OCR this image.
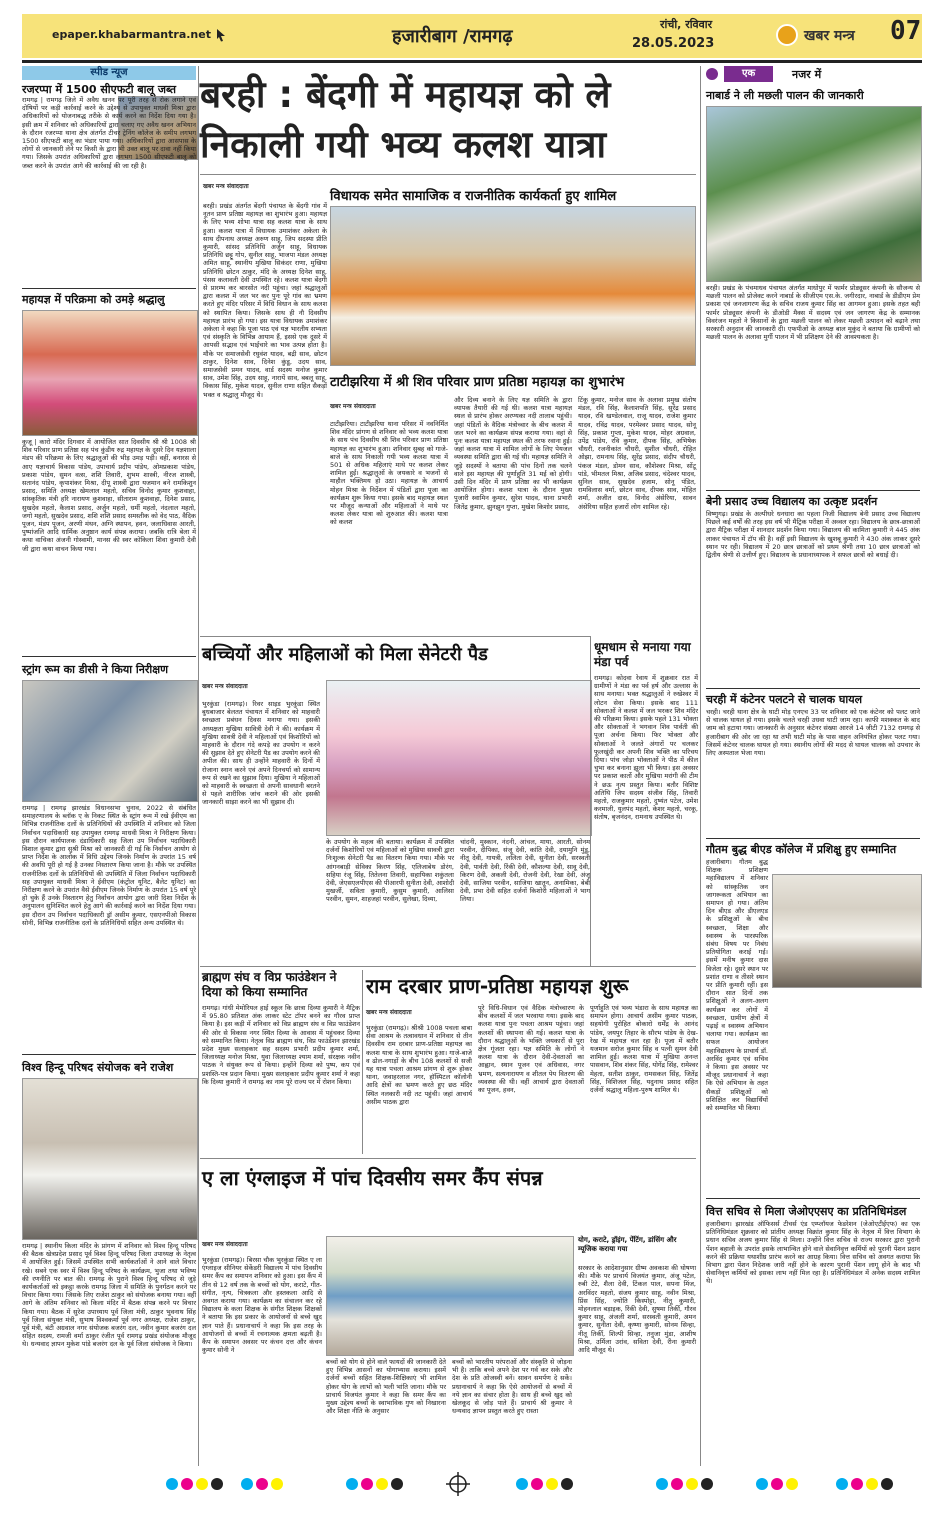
epaper.khabarmantra.net	हजारीबाग /रामगढ़
रांची, रविवार
28.05.2023	खबर मन्त्र 07
स्पीड न्यूज
रजरप्पा में 1500 सीएफटी बालू जब्त
रामगढ़ | रामगढ़ जिले में अवैध खनन पर पूरी तरह से रोक लगाने एवं दोषियों पर कड़ी कार्रवाई करने के उद्देश्य से उपायुक्त माधवी मिश्रा द्वारा अधिकारियों को योजनाबद्ध तरीके से कार्य करने का निर्देश दिया गया है। इसी क्रम में शनिवार को अधिकारियों द्वारा चलाए गए अवैध खनन अभियान के दौरान रजरप्पा थाना क्षेत्र अंतर्गत टीचर ट्रेनिंग कॉलेज के समीप लगभग 1500 सीएफटी बालू का भंडार पाया गया। अधिकारियों द्वारा आसपास के लोगों से जानकारी लेने पर किसी के द्वारा भी उक्त बालू पर दावा नहीं किया गया। जिसके उपरांत अधिकारियों द्वारा लगभग 1500 सीएफटी बालू को जब्त करने के उपरांत आगे की कार्रवाई की जा रही है।
महायज्ञ में परिक्रमा को उमड़े श्रद्धालु
कुजू | कारो मंदिर दिगवार में आयोजित सात दिवसीय श्री श्री 1008 श्री शिव परिवार प्राण प्रतिष्ठा सह पंच कुंडीय रुद्र महायज्ञ के दूसरे दिन यज्ञशाला मंडप की परिक्रमा के लिए श्रद्धालुओं की भीड़ उमड़ पड़ी। वहीं, बनारस से आए यज्ञाचार्य विकास पांडेय, उपाचार्य प्रदीप पांडेय, ओमप्रकाश पांडेय, प्रकाश पांडेय, सुमन वत्स, शशि तिवारी, शुभम शास्त्री, नीरज शास्त्री, सतानंद पांडेय, कृपाशंकर मिश्रा, दीपू शास्त्री द्वारा यजमान बने रामकिशुन प्रसाद, समिति अध्यक्ष खेमलाल महतो, सचिव विनोद कुमार कुशवाहा, सांस्कृतिक मंत्री हरि नारायण कुशवाहा, सीताराम कुशवाहा, दिनेश प्रसाद, सुखदेव महतो, कैलाश प्रसाद, अर्जुन महतो, धर्मी महतो, नंदलाल महतो, जगो महतो, सुखदेव प्रसाद, शशि शशि प्रसाद समस्तीक को वेद पाठ, वैदिक पूजन, मंडप पूजन, अरणी मंथन, अग्नि स्थापन, हवन, जलाधिवास आरती, पुष्पांजलि आदि धार्मिक अनुष्ठान कार्य संपन्न कराया। जबकि रात्रि बेला में कथा वाचिका अंजनी गोस्वामी, मानस की स्वर कोकिला शिवा कुमारी देवी जी द्वारा कथा वाचन किया गया।
स्ट्रांग रूम का डीसी ने किया निरीक्षण
रामगढ़ | रामगढ़ झारखंड विधानसभा चुनाव, 2022 से संबंधित समाहरणालय के ब्लॉक ए के निकट स्थित के स्ट्रांग रूम में रखे ईवीएम का विभिन्न राजनीतिक दलों के प्रतिनिधियों की उपस्थिति में शनिवार को जिला निर्वाचन पदाधिकारी सह उपायुक्त रामगढ़ माधवी मिश्रा ने निरीक्षण किया। इस दौरान कार्यपालक दंडाधिकारी सह जिला उप निर्वाचन पदाधिकारी विशाल कुमार द्वारा सुश्री मिश्रा को जानकारी दी गई कि निर्वाचन आयोग से प्राप्त निर्देश के आलोक में विधि उद्देश्य जिनके निर्माण के उपरांत 15 वर्ष की अवधि पूरी हो गई है उनका निस्तारण किया जाना है। मौके पर उपस्थित राजनीतिक दलों के प्रतिनिधियों की उपस्थिति में जिला निर्वाचन पदाधिकारी सह उपायुक्त माधवी मिश्रा ने ईवीएम (कंट्रोल यूनिट, बैलेट यूनिट) का निरीक्षण करने के उपरांत वैसे ईवीएम जिनके निर्माण के उपरांत 15 वर्ष पूरे हो चुके हैं उनके निस्तारण हेतु निर्वाचन आयोग द्वारा जारी दिशा निर्देश के अनुपालन सुनिश्चित करने हेतु आगे की कार्रवाई करने का निर्देश दिया गया। इस दौरान उप निर्वाचन पदाधिकारी ड्रॉ असीम कुमार, एसएनपीओ विकास सोनी, विभिन्न राजनीतिक दलों के प्रतिनिधियों सहित अन्य उपस्थित थे।
विश्व हिन्दू परिषद संयोजक बने राजेश
रामगढ़ | स्थानीय किला मंदिर के प्रांगण में शनिवार को विश्व हिन्दू परिषद की बैठक खेत्रप्रदेश प्रसाद पूर्व विश्व हिन्दू परिषद जिला उपाध्यक्ष के नेतृत्व में आयोजित हुई। जिसमें उपस्थित सभी कार्यकर्ताओं ने आने वाले विचार रखे। सबने एक स्वर में विश्व हिन्दू परिषद के कार्यक्रम, भुजा तथा भविष्य की रणनीति पर बात की। रामगढ़ के पुराने विश्व हिन्दू परिषद से जुड़े कार्यकर्ताओं को इकट्ठा करके रामगढ़ जिला में समिति के पुनर्गठन करने पर विचार किया गया। जिसके लिए राजेश ठाकुर को संयोजक बनाया गया। वहीं आगे के अंतिम शनिवार को किला मंदिर में बैठक संपन्न करने पर विचार किया गया। बैठक में सुरेश उपाध्याय पूर्व जिला मंत्री, ठाकुर भुवनाथ सिंह पूर्व जिला संयुक्त मंत्री, सुभाष विश्वकर्मा पूर्व नगर अध्यक्ष, राजेश ठाकुर, पूर्व मंत्री, बंटी अग्रवाल नगर संयोजक बजरंग दल, नवीन कुमार बजरंग दल सहित सदस्य, रामजी वर्मा ठाकुर रंजीत पूर्व रामगढ़ प्रखंड संयोजक मौजूद थे। धन्यवाद ज्ञापन मुकेश पांडे बजरंग दल के पूर्व जिला संयोजक ने किया।
बरही : बेंदगी में महायज्ञ को ले
निकाली गयी भव्य कलश यात्रा
खबर मन्त्र संवाददाता
बरही। प्रखंड अंतर्गत बेंदगी पंचायत के बेंदगी गांव में नूतन प्राण प्रतिष्ठा महायज्ञ का शुभारंभ हुआ। महायज्ञ के लिए भव्य शोभा यात्रा सह कलश यात्रा के साथ हुआ। कलश यात्रा में विधायक उमाशंकर अकेला के साथ दीपनाथ अध्यक्ष अरुण साहू, जिप सदस्या प्रीति कुमारी, सांसद प्रतिनिधि अर्जुन साहू, विधायक प्रतिनिधि छट्टू गोप, सुनील साहू, भाजपा मंडल अध्यक्ष अमित साहू, स्थानीय मुखिया सिकंदर राणा, मुखिया प्रतिनिधि छोटन ठाकुर, मंदि के अध्यक्ष दिनेश साहू, पंसस कलावती देवी उपस्थित रहे। कलश यात्रा बेंदगी से प्रारम्भ कर बारसोत नदी पहुंचा। जहां श्रद्धालुओं द्वारा कलश में जल भर कर पुनः पूरे गांव का भ्रमण करते हुए मंदिर परिसर में विधि विधान के साथ कलश को स्थापित किया। जिसके साथ ही नौ दिवसीय महायज्ञ प्रारंभ हो गया। इस यात्रा विधायक उमाशंकर अकेला ने कहा कि पूजा पाठ एवं यज्ञ भारतीय सभ्यता एवं संस्कृति के विभिन्न आयाम हैं, इससे एक दूसरे में आपसी सद्भाव एवं भाईचारे का भाव उत्पन्न होता है। मौके पर समाजसेवी रघुवंश यादव, बद्री साव, छोटन ठाकुर, दिनेश साव, दिनेश कुंडू, उदय साव, समाजसेवी प्रमन यादव, वार्ड सदस्य मनोज कुमार साव, उमेश सिंह, उदय साहू, नारायें साव, बबलू साहू, विकास सिंह, मुकेश यादव, सुनील राणा सहित सैकड़ों भक्त व श्रद्धालु मौजूद थे।
विधायक समेत सामाजिक व राजनीतिक कार्यकर्ता हुए शामिल
टाटीझरिया में श्री शिव परिवार प्राण प्रतिष्ठा महायज्ञ का शुभारंभ
खबर मन्त्र संवाददाता
टाटीझरिया। टाटीझरिया थाना परिसर में नवनिर्मित शिव मंदिर प्रांगण से शनिवार को भव्य कलश यात्रा के साथ पंच दिवसीय श्री शिव परिवार प्राण प्रतिष्ठा महायज्ञ का शुभारंभ हुआ। शनिवार सुबह को गाजे-बाजे के साथ निकाली गयी भव्य कलश यात्रा में 501 से अधिक महिलाएं माथे पर कलश लेकर शामिल हुईं। श्रद्धालुओं के जयकारे व भजनों से माहौल भक्तिमय हो उठा। महायज्ञ के आचार्य मोहन मिश्रा के निर्देशन में पंडितों द्वारा पूजा का कार्यक्रम शुरू किया गया। इसके बाद महायज्ञ स्थल पर मौजूद कन्याओं और महिलाओं ने माथे पर कलश लेकर यात्रा को शुरुआत की। कलश यात्रा को कलश
और दिव्य बनाने के लिए यज्ञ समिति के द्वारा व्यापक तैयारी की गई थी। कलश यात्रा महायज्ञ स्थल से प्रारंभ होकर अरण्यका नदी तालाब पहुंची। जहां पंडितों के वैदिक मंत्रोच्चार के बीच कलश में जल भरने का कार्यक्रम संपन्न कराया गया। वहां से पुनः कलश यात्रा महायज्ञ स्थल की तरफ रवाना हुई। जहां कलश यात्रा में शामिल लोगों के लिए पेयजल व्यवस्था समिति द्वारा की गई थी। महायज्ञ समिति ने जुड़े सदस्यों ने बताया की पांच दिनों तक चलने वाले इस महायज्ञ की पूर्णाहुति 31 मई को होगी। उसी दिन मंदिर में प्राण प्रतिष्ठा का भी कार्यक्रम आयोजित होगा। कलश यात्रा के दौरान मुख्य पुजारी स्वामिन कुमार, सुरेश यादव, थाना प्रभारी जितेंद्र कुमार, झुनझुन गुप्ता, मुखेश किशोर प्रसाद,
टिंकू कुमार, मनोज साव के अलावा प्रमुख संतोष मंडल, रवि सिंह, कैलाशपति सिंह, सुरेंद्र प्रसाद यादव, रवि खण्डेलवाल, राजू यादव, राजेश कुमार यादव, रविंद्र यादव, परमेश्वर प्रसाद यादव, सोनू सिंह, प्रकाश गुप्ता, मुकेश यादव, मोहर अग्रवाल, उपेंद्र पांडेय, रवि कुमार, दीपक सिंह, अभिषेक चौधरी, रजनीकांत चौधरी, सुशील चौधरी, रोहित ओझा, रामनाथ सिंह, सुरेंद्र प्रसाद, संदीप चौधरी, पंकज मंडल, डोमन साव, कौशेश्वर मिश्रा, सोंटू पांडे, भीमतल मिश्रा, अजिब प्रसाद, चंदेश्वर यादव, सुनिल साव, सुखदेव हजाम, सोनू पंडित, रामविलास वर्मा, छोटन साव, दीपक साव, मोहित शर्मा, अजीत दास, विनोद अंसेरिया, सावन अंसेरिया सहित हजारों लोग शामिल रहे।
बच्चियों और महिलाओं को मिला सेनेटरी पैड
खबर मन्त्र संवाददाता
भुरकुंडा (रामगढ़)। रिवर साइड भुरकुंडा स्थित बुधबाजार बेलतत पंचायत में शनिवार को माहवारी स्वच्छता प्रबंधन दिवस मनाया गया। इसकी अध्यक्षता मुखिया सावित्री देवी ने की। कार्यक्रम में मुखिया सावत्री देवी ने महिलाओं एवं किशोरियों को माहवारी के दौरान गंदे कपड़े का उपयोग न करने की सुझाव देते हुए सेनेटरी पैड का उपयोग करने की अपील की। साथ ही उन्होंने माहवारी के दिनों में रोजाना स्नान करने एवं अपने दिनचर्या को सामान्य रूप से रखने का सुझाव दिया। मुखिया ने महिलाओं को माहवारी के स्वच्छता से अपनी सावधानी बरतने से पहले शारीरिक जांच कराने की ओर इसकी जानकारी साझा करने का भी सुझाव दी।
के उपयोग के महत्व की बताया। कार्यक्रम में उपस्थित दर्जनों किशोरियों एवं महिलाओं को मुखिया सावत्री द्वारा निःशुल्क सेनेटरी पैड का वितरण किया गया। मौके पर आंगनबाड़ी सेविका किरण सिंह, एलिजाबेथ डोरंग, सहिया रंजू सिंह, तितेलना तिवारी, सहायिका शकुंतला देवी, जेएसएलपीएस की पीआरपी सुनीता देवी, आशोदी मुखर्जी, सविता कुमारी, कुसुम कुमारी, आलिसा परवीन, सुमन, शाहजहां परवीन, सुलेखा, दिव्या,
चांदनी, मुस्कान, नंदनी, आंचल, माया, आरती, सोनम परवीन, दीपिका, संजू देवी, कांति देवी, दयामुनि मुंडू, नीतू देवी, गायत्री, ललिता देवी, सुनीता देवी, सरस्वती देवी, पार्वती देवी, रिंकी देवी, कौशल्या देवी, सावू देवी, किरण देवी, अकली देवी, रोजनी देवी, रेखा देवी, अंजू देवी, साजिया परवीन, साजिया खातून, अनामिका, बेबी देवी, प्रभा देवी सहित दर्जनों किशोरी महिलाओं ने भाग लिया।
धूमधाम से मनाया गया मंडा पर्व
रामगढ़। कोदवा रेवाय में शुक्रवार रात में ग्रामीणों ने मंडा का पर्व हर्ष और उल्लास के साथ मनाया। भक्त श्रद्धालुओं ने रुखेश्वर में लोटन सेवा किया। इसके बाद 111 सोक्ताओं ने कलश में जल भरकर शिव मंदिर की परिक्रमा किया। इसके पहले 131 भोक्ता और सोक्ताओं ने भगवान शिव पार्वती की पूजा अर्चना किया। फिर भोक्ता और सोक्ताओं ने जलते अंगारों पर चलकर फूलखुंदी कर अपनी शिव भक्ति का परिचय दिया। पांच जोड़ा भोक्ताओं ने पीठ में कील चुभा कर बनाना झूला भी किया। इस अवसर पर प्रकाश कार्तो और मुखिया मरांगी की टीम ने छऊ नृत्य प्रस्तुत किया। बतौर विशिष्ट अतिथि जिप सदस्य संजीव सिंह, तिवारी महतो, राजकुमार महतो, दुष्यंत पटेल, उमेश करमाली, युलपंद महतो, केशर महतो, चरकू, संतोष, बृजनंदन, रामनाथ उपस्थित थे।
ब्राह्मण संघ व विप्र फाउंडेशन ने दिया को किया सम्मानित
रामगढ़। गांधी मेमोरियल हाई स्कूल कि छात्रा दिव्या कुमारी ने मैट्रिक में 95.80 प्रतिशत अंक लाकर स्टेट टॉपर बनने का गौरव प्राप्त किया है। इस कड़ी में शनिवार को विप्र ब्राह्मण संघ व विप्र फाउंडेशन की ओर से विकास नगर स्थित दिव्या के आवास में पहुंचकर दिव्या को सम्मानित किया। नेतृत्व विप्र ब्राह्मण संघ, विप्र फाउंडेशन झारखंड प्रदेश मुख्य सलाहकार सह सदस्य प्रभारी प्रदीप कुमार शर्मा, जिलाध्यक्ष मनोज मिश्रा, युवा जिलाध्यक्ष श्याम शर्मा, संरक्षक नवीन पाठक ने संयुक्त रूप से किया। इन्होंने दिव्या को पुष्प, कप एवं प्रशस्ति-पत्र प्रदान किया। मुख्य सलाहकार प्रदीप कुमार शर्मा ने कहा कि दिव्या कुमारी ने रामगढ़ का नाम पूरे राज्य पर में रोशन किया।
राम दरबार प्राण-प्रतिष्ठा महायज्ञ शुरू
खबर मन्त्र संवाददाता
भुरकुंडा (रामगढ़)। श्रीश्री 1008 पचला बाबा सेवा आश्रम के तत्वावधान में शनिवार से तीन दिवसीय राम दरबार प्राण-प्रतिष्ठा महायज्ञ का कलश यात्रा के साथ शुभारंभ हुआ। गाजे-बाजे व ढोल-नगाड़ों के बीच 108 कलशों से सजी यह यात्रा पचला आश्रम प्रांगण से शुरू होकर थाना, जवाहरलाल नगर, हॉस्पिटल कॉलोनी आदि क्षेत्रों का भ्रमण करते हुए छठ मंदिर स्थित नलकारी नदी तट पहुंची। जहां आचार्य असीम पाठक द्वारा
पूरे विधि-विधान एवं वैदिक मंत्रोच्चारण के बीच कलशों में जल भरवाया गया। इसके बाद कलश यात्रा पुनः पचला आश्रम पहुंचा। जहां कलशों की स्थापना की गई। कलश यात्रा के दौरान श्रद्धालुओं के भक्ति जयकारों से पूरा क्षेत्र गूंजता रहा। यज्ञ समिति के लोगों ने कलश यात्रा के दौरान देवी-देवताओं का आह्वान, स्थान पूजन एवं अधिवास, नगर भ्रमण, सत्यनारायण व शीतल पेय वितरण की व्यवस्था की थी। वहीं आचार्य द्वारा देवताओं का पूजन, हवन,
पूर्णाहुति एवं भव्य भंडारा के साथ महायज्ञ का समापन होगा। आचार्य असीम कुमार पाठक, सहयोगी पुरोहित बोकारो धर्मेंद्र के आनंद पांडेय, जयपुर तिहार के सौरभ पांडेय के देख-रेख में महायज्ञ चल रहा है। पूजा में बतौर यजमान सरोज कुमार सिंह व पत्नी सुमन देवी शामिल हुईं। कलश यात्रा में मुखिया अनन्त पासवान, शिव शंकर सिंह, योगेंद्र सिंह, रामेश्वर मेहता, सतीश ठाकुर, रामसकल सिंह, जितेंद्र सिंह, विशिजल सिंह, यदुनाथ प्रसाद सहित दर्जनों श्रद्धालु महिला-पुरुष शामिल थे।
ए ला एंग्लाइज में पांच दिवसीय समर कैंप संपन्न
खबर मन्त्र संवाददाता
भुरकुंडा (रामगढ़)। बिरसा चौक भुरकुंडा स्थित ए ला एंग्लाइज सीनियर सेकेंडरी विद्यालय में पांच दिवसीय समर कैंप का समापन शनिवार को हुआ। इस कैंप में तीन से 12 वर्ष तक के बच्चों को योग, कराटे, गीत-संगीत, नृत्य, चित्रकला और हस्तकला आदि से अवगत कराया गया। कार्यक्रम का संचालन कर रहे विद्यालय के कला शिक्षक के संगीत शिक्षक शिक्षकों ने बताया कि इस प्रकार के आयोजनों से बच्चे खुद ज्ञान पाते हैं। प्रधानाचार्य ने कहा कि इस तरह के आयोजनों से बच्चों में रचनात्मक क्षमता बढ़ती है। कैंप के समापन अवसर पर कंचन दत्त और कंचन कुमार सोनी ने
बच्चों को योग से होने वाले फायदों की जानकारी देते हुए विभिन्न आसनों का योगाभ्यास कराया। इसमें दर्जनों बच्चों सहित शिक्षक-शिक्षिकाएं भी शामिल होकर योग के लाभों को भली भांति जाना। मौके पर प्राचार्य विजयंत कुमार ने कहा कि समर कैंप का मुख्य उद्देश्य बच्चों के स्वाभाविक गुण को निखारना और शिक्षा नीति के अनुसार
बच्चों को भारतीय परंपराओं और संस्कृति से जोड़ना भी है। ताकि बच्चे अपने देश पर गर्व कर सके और देश के प्रति ओजस्वी बनें। सावन समर्पण दे सकें। प्रधानाचार्य ने कहा कि ऐसे आयोजनों से बच्चों में नये ज्ञान का संचार होता है। साथ ही बच्चे खुद को खेलकूद से जोड़ पाते हैं। प्राचार्य श्री कुमार ने धन्यवाद ज्ञापन प्रस्तुत करते हुए रास्ता
योग, कराटे, ड्रॉइंग, पेंटिंग, डांसिंग और म्यूजिक कराया गया
सरकार के आदेशानुसार ग्रीष्म अवकाश की घोषणा की। मौके पर प्राचार्य विजयंत कुमार, अंजू पटेल, रुबी टेटे, शैला देवी, टिंकल पाल, सपना मिंज, अरविंदर महतो, संजय कुमार साहू, नवीन मिश्रा, प्रिंस सिंह, ज्योति किस्पोट्टा, नीतू कुमारी, मोहनलाल बड़ाइक, रिंकी देवी, सुषमा तिर्की, गौरव कुमार साहू, अंजली शर्मा, सरस्वती कुमारी, अमन कुमार, सुनीता देवी, कृष्णा कुमारी, सोनम सिन्हा, नीतू तिर्की, शिल्पी सिन्हा, तनुजा मुंडा, आशीष मिश्रा, उर्मिला उरांव, सविता देवी, रीना कुमारी आदि मौजूद थे।
एक	नजर में
नाबार्ड ने ली मछली पालन की जानकारी
बरही। प्रखंड के पंचमाधव पंचायत अंतर्गत माधोपुर में फार्मर प्रोड्यूसर कंपनी के सौजन्य से मछली पालन को प्रोजेक्ट करने नाबार्ड के सीजीएम एस.के. जगीरदार, नाबार्ड के डीडीएम प्रेम प्रकाश एवं जनजागरण केंद्र के सचिव राजय कुमार सिंह का आगमन हुआ। इसके तहत बही फार्मर प्रोड्यूसर कंपनी के डीओडी मैक्स में सदस्य एवं जन जागरण केंद्र के सम्मानक विवरंजन महतो ने किसानों के द्वारा मछली पालन को लेकर मछली उत्पादन को बढ़ाने तथा सरकारी अनुदान की जानकारी दी। एफपीओ के अध्यक्ष बाल मुकुंद ने बताया कि ग्रामीणों को मछली पालन के अलावा मुर्गी पालन में भी प्रशिक्षण देने की आवश्यकता है।
बेनी प्रसाद उच्च विद्यालय का उत्कृष्ट प्रदर्शन
विष्णुगढ़। प्रखंड के अल्पीधरे धनधारा का पहला निजी विद्यालय बेनी प्रसाद उच्च विद्यालय पिछले कई वर्षों की तरह इस वर्ष भी मैट्रिक परीक्षा में अव्वल रहा। विद्यालय के छात्र-छात्राओं द्वारा मैट्रिक परीक्षा में शानदार प्रदर्शन किया गया। विद्यालय की कामिता कुमारी ने 445 अंक लाकर पंचायत में टॉप की है। वहीं इसी विद्यालय के खुशबू कुमारी ने 430 अंक लाकर दूसरे स्थान पर रही। विद्यालय में 20 छात्र छात्राओं को प्रथम श्रेणी तथा 10 छात्र छात्राओं को द्वितीय श्रेणी से उत्तीर्ण हुए। विद्यालय के प्रधानाध्यापक ने सफल छात्रों को बधाई दी।
चरही में कंटेनर पलटने से चालक घायल
चरही। चरही थाना क्षेत्र के घाटी मोड़ एनएच 33 पर शनिवार को एक कंटेनर को पलट जाने से चालक घायल हो गया। इसके चलते चरही उधवा घाटी जाम रहा। काफी मशक्कत के बाद जाम को हटाया गया। जानकारी के अनुसार कंटेनर संख्या आरजे 14 जीटी 7132 रामगढ़ से हजारीबाग की ओर जा रहा था तभी घाटी मोड़ के पास वाहन अनियंत्रित होकर पलट गया। जिसमें कंटेनर चालक घायल हो गया। स्थानीय लोगों की मदद से घायल चालक को उपचार के लिए अस्पताल भेजा गया।
गौतम बुद्ध बीएड कॉलेज में प्रशिक्षु हुए सम्मानित
हजारीबाग। गौतम बुद्ध शिक्षक प्रशिक्षण महाविद्यालय में शनिवार को सांस्कृतिक जन जागरूकता अभियान का समापन हो गया। अंतिम दिन बीएड और डीएलएड के प्रशिक्षुओं के बीच स्वच्छता, शिक्षा और स्वास्थ्य के पारस्परिक संबंध विषय पर निबंध प्रतियोगिता कराई गई। इसमें मनीष कुमार दास विजेता रहे। दूसरे स्थान पर प्रशांत राणा व तीसरे स्थान पर प्रीति कुमारी रहीं। इस दौरान सात दिनों तक प्रशिक्षुओं ने अलग-अलग कार्यक्रम कर लोगों में स्वच्छता, ग्रामीण क्षेत्रों में पढ़ाई व स्वास्थ्य अभियान चलाया गया। कार्यक्रम का सफल आयोजन महाविद्यालय के प्राचार्य डॉ. अरविंद कुमार एवं सचिव ने किया। इस अवसर पर मौजूद प्रधानाचार्य ने कहा कि ऐसे अभियान के तहत सैकड़ों प्रशिक्षुओं को प्रशिक्षित कर विद्यार्थियों को सम्मानित भी किया।
वित्त सचिव से मिला जेओएएसए का प्रतिनिधिमंडल
हजारीबाग। झारखंड ऑफिसर्स टीचर्स एंड एम्प्लॉयज फेडरेशन (जेओएटीईएफ) का एक प्रतिनिधिमंडल शुक्रवार को प्रांतीय अध्यक्ष विक्रांत कुमार सिंह के नेतृत्व में वित्त विभाग के प्रधान सचिव अजय कुमार सिंह से मिला। उन्होंने वित्त सचिव से राज्य सरकार द्वारा पुरानी पेंशन बहाली के उपरांत इसके लाभान्वित होने वाले सेवानिवृत्त कर्मियों को पुरानी पेंशन प्रदान करने की प्रक्रिया यथाशीघ्र प्रारंभ करने का आग्रह किया। वित्त सचिव को अवगत कराया कि विभाग द्वारा पेंशन निदेशक जारी नहीं होने के कारण पुरानी पेंशन लागू होने के बाद भी सेवानिवृत्त कर्मियों को इसका लाभ नहीं मिल रहा है। प्रतिनिधिमंडल में अनेक सदस्य शामिल थे।
